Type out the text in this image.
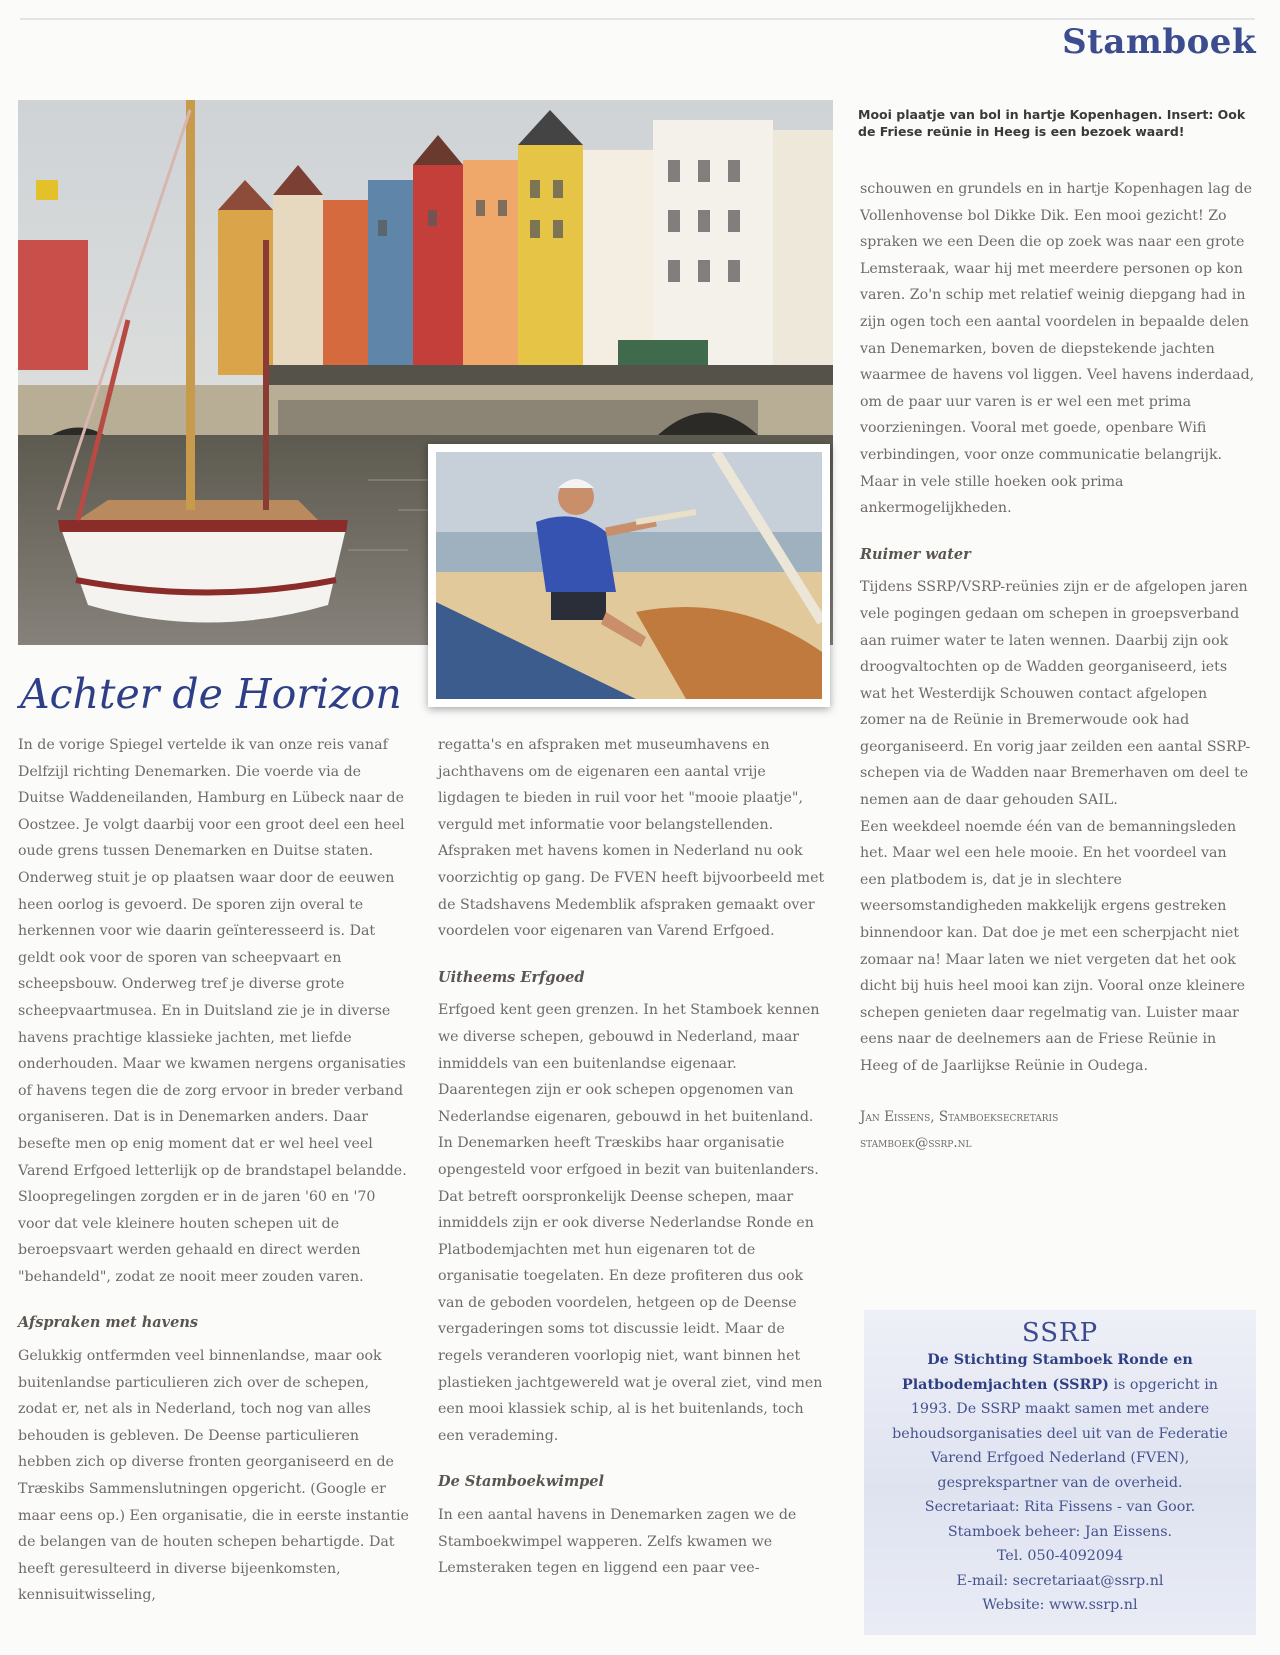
Stamboek
Mooi plaatje van bol in hartje Kopenhagen. Insert: Ook de Friese reünie in Heeg is een bezoek waard!
Achter de Horizon

In de vorige Spiegel vertelde ik van onze reis vanaf Delfzijl richting Denemarken. Die voerde via de Duitse Waddeneilanden, Hamburg en Lübeck naar de Oostzee. Je volgt daarbij voor een groot deel een heel oude grens tussen Denemarken en Duitse staten. Onderweg stuit je op plaatsen waar door de eeuwen heen oorlog is gevoerd. De sporen zijn overal te herkennen voor wie daarin geïnteresseerd is. Dat geldt ook voor de sporen van scheepvaart en scheepsbouw. Onderweg tref je diverse grote scheepvaartmusea. En in Duitsland zie je in diverse havens prachtige klassieke jachten, met liefde onderhouden. Maar we kwamen nergens organisaties of havens tegen die de zorg ervoor in breder verband organiseren. Dat is in Denemarken anders. Daar besefte men op enig moment dat er wel heel veel Varend Erfgoed letterlijk op de brandstapel belandde. Sloopregelingen zorgden er in de jaren '60 en '70 voor dat vele kleinere houten schepen uit de beroepsvaart werden gehaald en direct werden "behandeld", zodat ze nooit meer zouden varen.

Afspraken met havens

Gelukkig ontfermden veel binnenlandse, maar ook buitenlandse particulieren zich over de schepen, zodat er, net als in Nederland, toch nog van alles behouden is gebleven. De Deense particulieren hebben zich op diverse fronten georganiseerd en de Træskibs Sammenslutningen opgericht. (Google er maar eens op.) Een organisatie, die in eerste instantie de belangen van de houten schepen behartigde. Dat heeft geresulteerd in diverse bijeenkomsten, kennisuitwisseling,

regatta's en afspraken met museumhavens en jachthavens om de eigenaren een aantal vrije ligdagen te bieden in ruil voor het "mooie plaatje", verguld met informatie voor belangstellenden. Afspraken met havens komen in Nederland nu ook voorzichtig op gang. De FVEN heeft bijvoorbeeld met de Stadshavens Medemblik afspraken gemaakt over voordelen voor eigenaren van Varend Erfgoed.

Uitheems Erfgoed

Erfgoed kent geen grenzen. In het Stamboek kennen we diverse schepen, gebouwd in Nederland, maar inmiddels van een buitenlandse eigenaar. Daarentegen zijn er ook schepen opgenomen van Nederlandse eigenaren, gebouwd in het buitenland. In Denemarken heeft Træskibs haar organisatie opengesteld voor erfgoed in bezit van buitenlanders. Dat betreft oorspronkelijk Deense schepen, maar inmiddels zijn er ook diverse Nederlandse Ronde en Platbodemjachten met hun eigenaren tot de organisatie toegelaten. En deze profiteren dus ook van de geboden voordelen, hetgeen op de Deense vergaderingen soms tot discussie leidt. Maar de regels veranderen voorlopig niet, want binnen het plastieken jachtgewereld wat je overal ziet, vind men een mooi klassiek schip, al is het buitenlands, toch een verademing.

De Stamboekwimpel

In een aantal havens in Denemarken zagen we de Stamboekwimpel wapperen. Zelfs kwamen we Lemsteraken tegen en liggend een paar vee-

schouwen en grundels en in hartje Kopenhagen lag de Vollenhovense bol Dikke Dik. Een mooi gezicht! Zo spraken we een Deen die op zoek was naar een grote Lemsteraak, waar hij met meerdere personen op kon varen. Zo'n schip met relatief weinig diepgang had in zijn ogen toch een aantal voordelen in bepaalde delen van Denemarken, boven de diepstekende jachten waarmee de havens vol liggen. Veel havens inderdaad, om de paar uur varen is er wel een met prima voorzieningen. Vooral met goede, openbare Wifi verbindingen, voor onze communicatie belangrijk. Maar in vele stille hoeken ook prima ankermogelijkheden.

Ruimer water

Tijdens SSRP/VSRP-reünies zijn er de afgelopen jaren vele pogingen gedaan om schepen in groepsverband aan ruimer water te laten wennen. Daarbij zijn ook droogvaltochten op de Wadden georganiseerd, iets wat het Westerdijk Schouwen contact afgelopen zomer na de Reünie in Bremerwoude ook had georganiseerd. En vorig jaar zeilden een aantal SSRP-schepen via de Wadden naar Bremerhaven om deel te nemen aan de daar gehouden SAIL.

Een weekdeel noemde één van de bemanningsleden het. Maar wel een hele mooie. En het voordeel van een platbodem is, dat je in slechtere weersomstandigheden makkelijk ergens gestreken binnendoor kan. Dat doe je met een scherpjacht niet zomaar na! Maar laten we niet vergeten dat het ook dicht bij huis heel mooi kan zijn. Vooral onze kleinere schepen genieten daar regelmatig van. Luister maar eens naar de deelnemers aan de Friese Reünie in Heeg of de Jaarlijkse Reünie in Oudega.

Jan Eissens, Stamboeksecretaris
stamboek@ssrp.nl
SSRP
De Stichting Stamboek Ronde en Platbodemjachten (SSRP) is opgericht in 1993. De SSRP maakt samen met andere behoudsorganisaties deel uit van de Federatie Varend Erfgoed Nederland (FVEN), gesprekspartner van de overheid.
Secretariaat: Rita Fissens - van Goor.
Stamboek beheer: Jan Eissens.
Tel. 050-4092094
E-mail: secretariaat@ssrp.nl
Website: www.ssrp.nl
